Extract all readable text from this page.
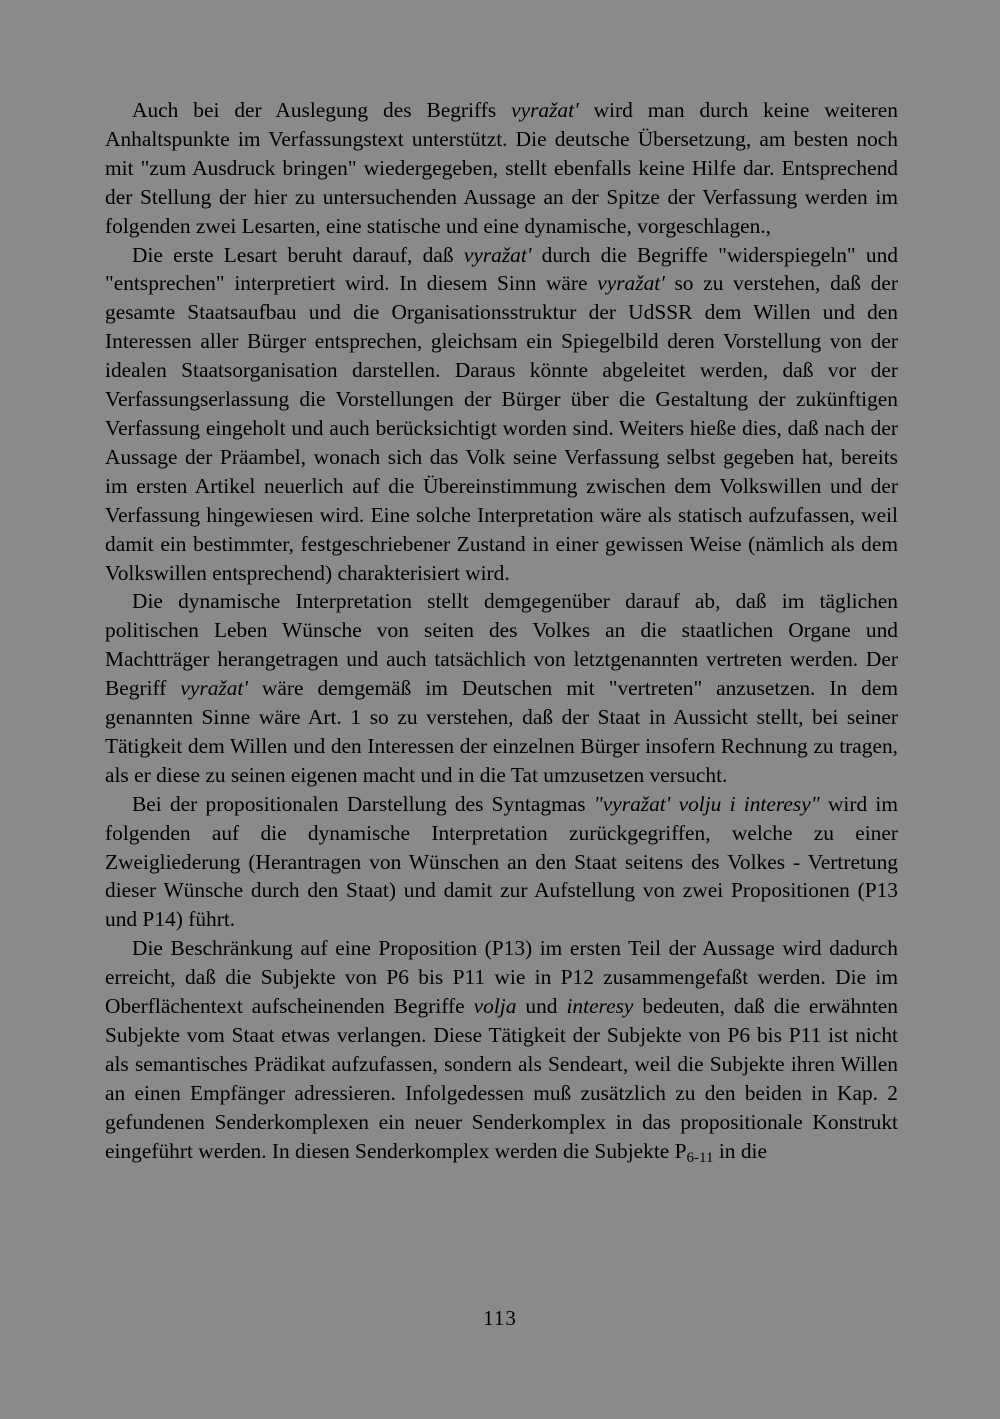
Auch bei der Auslegung des Begriffs vyražat' wird man durch keine weiteren Anhaltspunkte im Verfassungstext unterstützt. Die deutsche Übersetzung, am besten noch mit "zum Ausdruck bringen" wiedergegeben, stellt ebenfalls keine Hilfe dar. Entsprechend der Stellung der hier zu untersuchenden Aussage an der Spitze der Verfassung werden im folgenden zwei Lesarten, eine statische und eine dynamische, vorgeschlagen.,

Die erste Lesart beruht darauf, daß vyražat' durch die Begriffe "widerspiegeln" und "entsprechen" interpretiert wird. In diesem Sinn wäre vyražat' so zu verstehen, daß der gesamte Staatsaufbau und die Organisationsstruktur der UdSSR dem Willen und den Interessen aller Bürger entsprechen, gleichsam ein Spiegelbild deren Vorstellung von der idealen Staatsorganisation darstellen. Daraus könnte abgeleitet werden, daß vor der Verfassungserlassung die Vorstellungen der Bürger über die Gestaltung der zukünftigen Verfassung eingeholt und auch berücksichtigt worden sind. Weiters hieße dies, daß nach der Aussage der Präambel, wonach sich das Volk seine Verfassung selbst gegeben hat, bereits im ersten Artikel neuerlich auf die Übereinstimmung zwischen dem Volkswillen und der Verfassung hingewiesen wird. Eine solche Interpretation wäre als statisch aufzufassen, weil damit ein bestimmter, festgeschriebener Zustand in einer gewissen Weise (nämlich als dem Volkswillen entsprechend) charakterisiert wird.

Die dynamische Interpretation stellt demgegenüber darauf ab, daß im täglichen politischen Leben Wünsche von seiten des Volkes an die staatlichen Organe und Machtträger herangetragen und auch tatsächlich von letztgenannten vertreten werden. Der Begriff vyražat' wäre demgemäß im Deutschen mit "vertreten" anzusetzen. In dem genannten Sinne wäre Art. 1 so zu verstehen, daß der Staat in Aussicht stellt, bei seiner Tätigkeit dem Willen und den Interessen der einzelnen Bürger insofern Rechnung zu tragen, als er diese zu seinen eigenen macht und in die Tat umzusetzen versucht.

Bei der propositionalen Darstellung des Syntagmas "vyražat' volju i interesy" wird im folgenden auf die dynamische Interpretation zurückgegriffen, welche zu einer Zweigliederung (Herantragen von Wünschen an den Staat seitens des Volkes - Vertretung dieser Wünsche durch den Staat) und damit zur Aufstellung von zwei Propositionen (P13 und P14) führt.

Die Beschränkung auf eine Proposition (P13) im ersten Teil der Aussage wird dadurch erreicht, daß die Subjekte von P6 bis P11 wie in P12 zusammengefaßt werden. Die im Oberflächentext aufscheinenden Begriffe volja und interesy bedeuten, daß die erwähnten Subjekte vom Staat etwas verlangen. Diese Tätigkeit der Subjekte von P6 bis P11 ist nicht als semantisches Prädikat aufzufassen, sondern als Sendeart, weil die Subjekte ihren Willen an einen Empfänger adressieren. Infolgedessen muß zusätzlich zu den beiden in Kap. 2 gefundenen Senderkomplexen ein neuer Senderkomplex in das propositionale Konstrukt eingeführt werden. In diesen Senderkomplex werden die Subjekte $P_{6-11}$ in die

113
